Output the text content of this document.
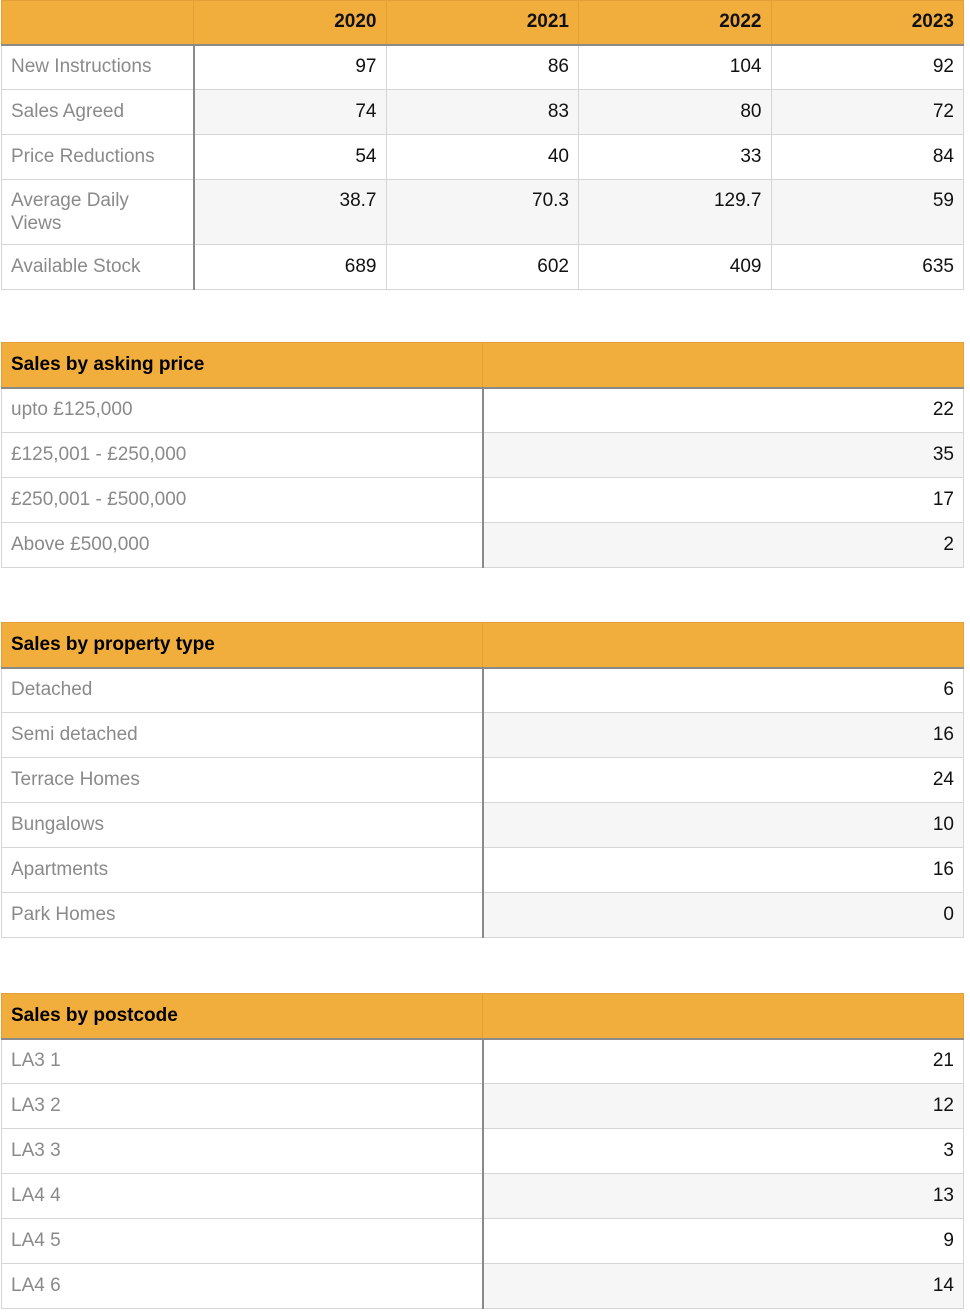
	2020	2021	2022	2023
New Instructions	97	86	104	92
Sales Agreed	74	83	80	72
Price Reductions	54	40	33	84
Average Daily Views	38.7	70.3	129.7	59
Available Stock	689	602	409	635
Sales by asking price	
upto £125,000	22
£125,001 - £250,000	35
£250,001 - £500,000	17
Above £500,000	2
Sales by property type	
Detached	6
Semi detached	16
Terrace Homes	24
Bungalows	10
Apartments	16
Park Homes	0
Sales by postcode	
LA3 1	21
LA3 2	12
LA3 3	3
LA4 4	13
LA4 5	9
LA4 6	14
